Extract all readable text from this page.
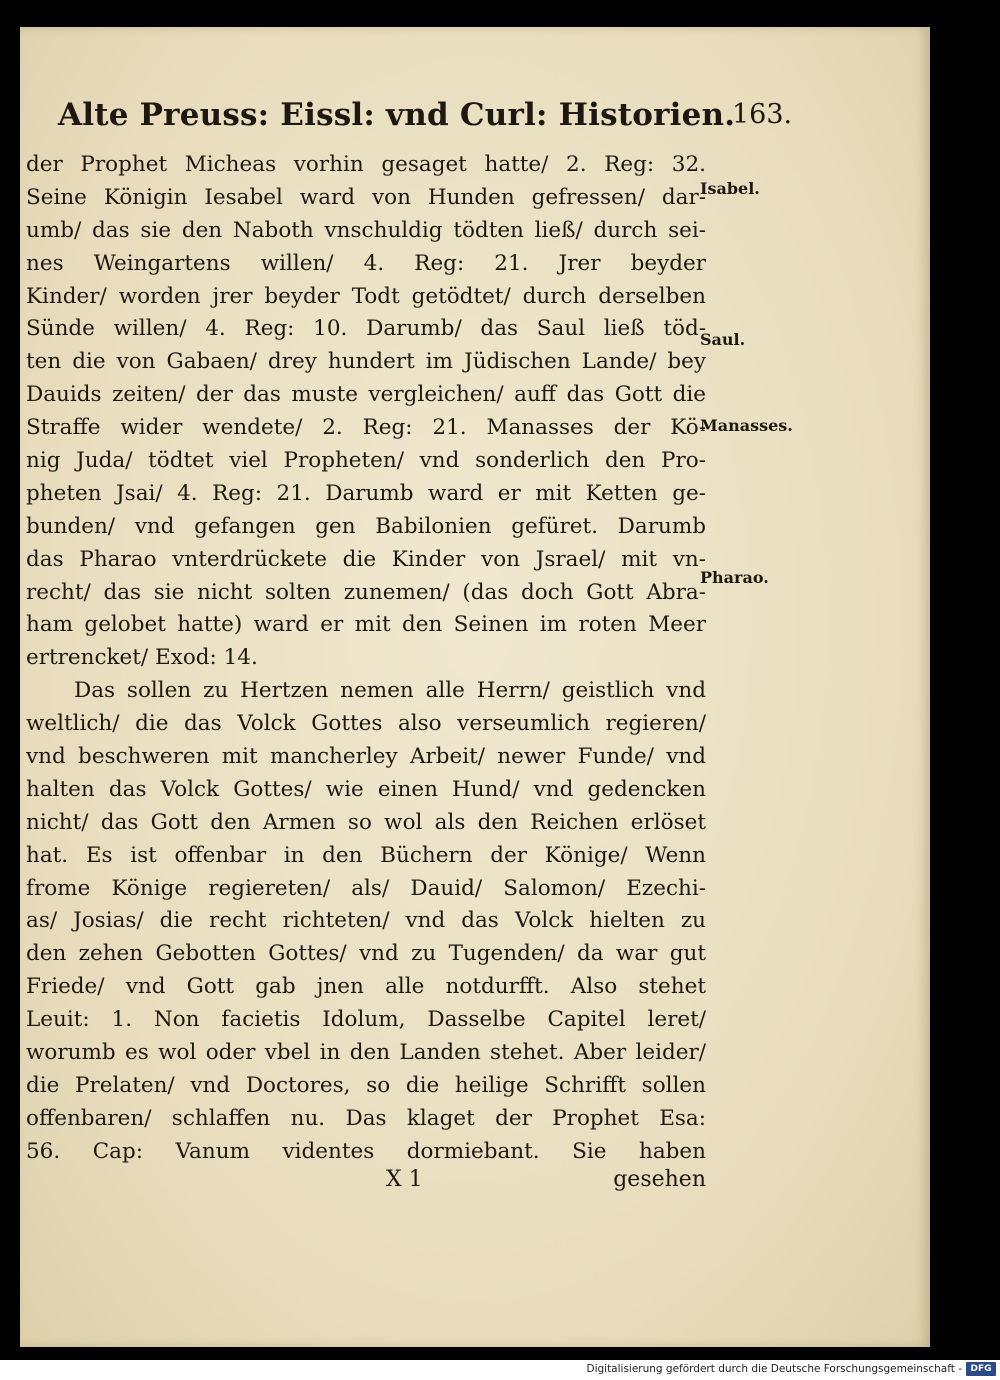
Alte Preuss: Eissl: vnd Curl: Historien.
163.
der Prophet Micheas vorhin gesaget hatte/ 2. Reg: 32.
Seine Königin Iesabel ward von Hunden gefressen/ dar-
umb/ das sie den Naboth vnschuldig tödten ließ/ durch sei-
nes Weingartens willen/ 4. Reg: 21. Jrer beyder
Kinder/ worden jrer beyder Todt getödtet/ durch derselben
Sünde willen/ 4. Reg: 10. Darumb/ das Saul ließ töd-
ten die von Gabaen/ drey hundert im Jüdischen Lande/ bey
Dauids zeiten/ der das muste vergleichen/ auff das Gott die
Straffe wider wendete/ 2. Reg: 21. Manasses der Kö-
nig Juda/ tödtet viel Propheten/ vnd sonderlich den Pro-
pheten Jsai/ 4. Reg: 21. Darumb ward er mit Ketten ge-
bunden/ vnd gefangen gen Babilonien gefüret. Darumb
das Pharao vnterdrückete die Kinder von Jsrael/ mit vn-
recht/ das sie nicht solten zunemen/ (das doch Gott Abra-
ham gelobet hatte) ward er mit den Seinen im roten Meer
ertrencket/ Exod: 14.
Das sollen zu Hertzen nemen alle Herrn/ geistlich vnd
weltlich/ die das Volck Gottes also verseumlich regieren/
vnd beschweren mit mancherley Arbeit/ newer Funde/ vnd
halten das Volck Gottes/ wie einen Hund/ vnd gedencken
nicht/ das Gott den Armen so wol als den Reichen erlöset
hat. Es ist offenbar in den Büchern der Könige/ Wenn
frome Könige regiereten/ als/ Dauid/ Salomon/ Ezechi-
as/ Josias/ die recht richteten/ vnd das Volck hielten zu
den zehen Gebotten Gottes/ vnd zu Tugenden/ da war gut
Friede/ vnd Gott gab jnen alle notdurfft. Also stehet
Leuit: 1. Non facietis Idolum, Dasselbe Capitel leret/
worumb es wol oder vbel in den Landen stehet. Aber leider/
die Prelaten/ vnd Doctores, so die heilige Schrifft sollen
offenbaren/ schlaffen nu. Das klaget der Prophet Esa:
56. Cap: Vanum videntes dormiebant. Sie haben
X 1	gesehen
Isabel.
Saul.
Manasses.
Pharao.
Digitalisierung gefördert durch die Deutsche Forschungsgemeinschaft - DFG
